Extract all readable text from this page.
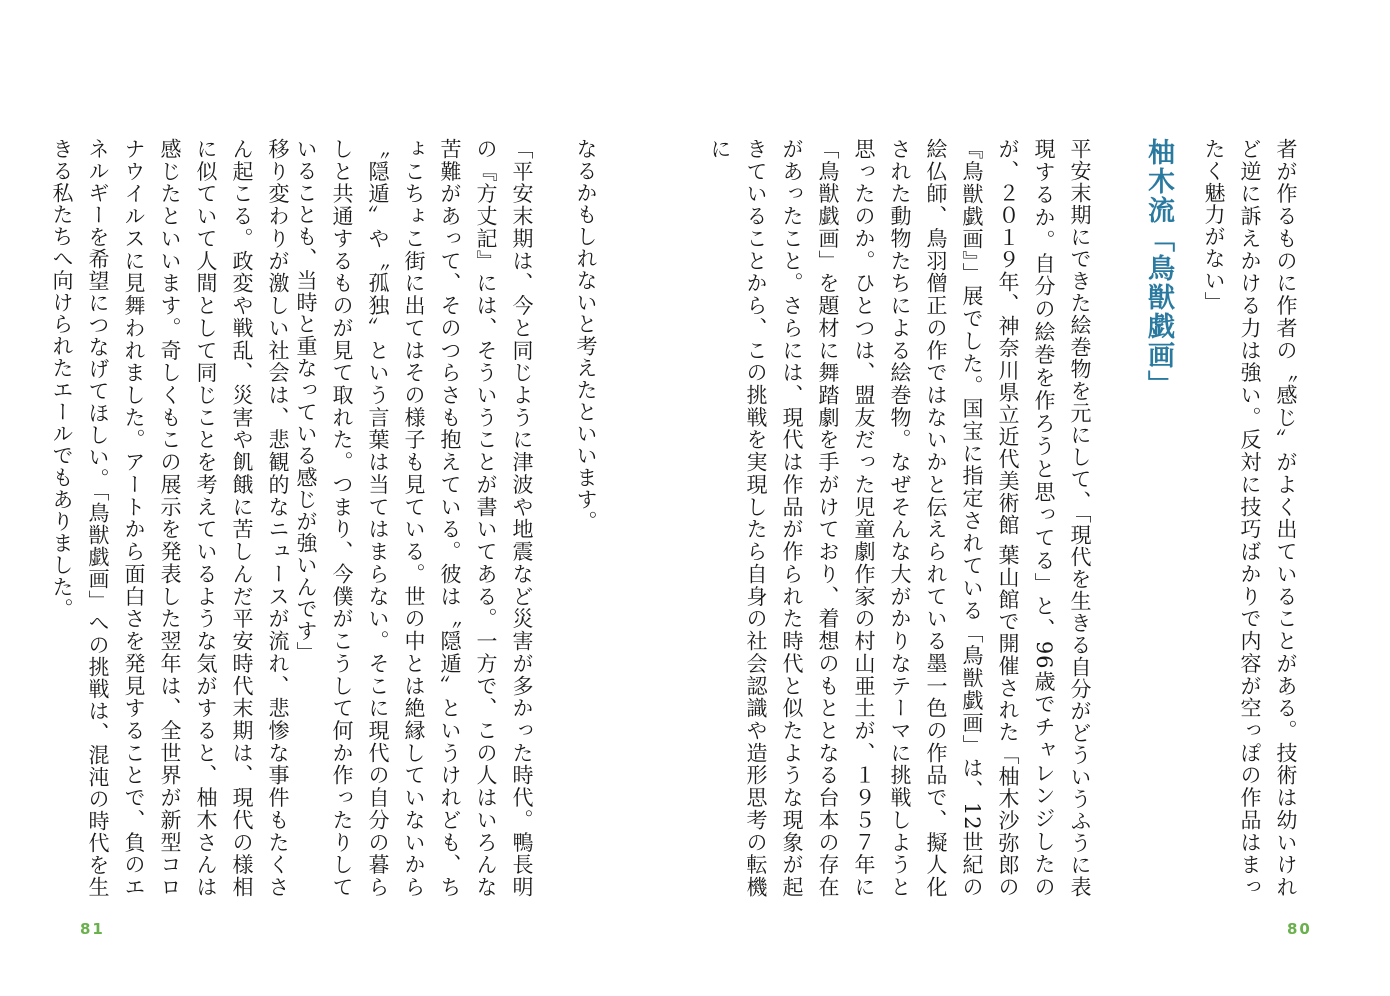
者が作るものに作者の〝感じ〟がよく出ていることがある。技術は幼いけれど逆に訴えかける力は強い。反対に技巧ばかりで内容が空っぽの作品はまったく魅力がない」
柚木流「鳥獣戯画」
平安末期にできた絵巻物を元にして、「現代を生きる自分がどういうふうに表現するか。自分の絵巻を作ろうと思ってる」と、96歳でチャレンジしたのが、２０１９年、神奈川県立近代美術館 葉山館で開催された「柚木沙弥郎の『鳥獣戯画』」展でした。国宝に指定されている「鳥獣戯画」は、12世紀の絵仏師、鳥羽僧正の作ではないかと伝えられている墨一色の作品で、擬人化された動物たちによる絵巻物。なぜそんな大がかりなテーマに挑戦しようと思ったのか。ひとつは、盟友だった児童劇作家の村山亜土が、１９５７年に「鳥獣戯画」を題材に舞踏劇を手がけており、着想のもととなる台本の存在があったこと。さらには、現代は作品が作られた時代と似たような現象が起きていることから、この挑戦を実現したら自身の社会認識や造形思考の転機に
80
なるかもしれないと考えたといいます。
「平安末期は、今と同じように津波や地震など災害が多かった時代。鴨長明の『方丈記』には、そういうことが書いてある。一方で、この人はいろんな苦難があって、そのつらさも抱えている。彼は〝隠遁〟というけれども、ちょこちょこ街に出てはその様子も見ている。世の中とは絶縁していないから〝隠遁〟や〝孤独〟という言葉は当てはまらない。そこに現代の自分の暮らしと共通するものが見て取れた。つまり、今僕がこうして何か作ったりしていることも、当時と重なっている感じが強いんです」
移り変わりが激しい社会は、悲観的なニュースが流れ、悲惨な事件もたくさん起こる。政変や戦乱、災害や飢餓に苦しんだ平安時代末期は、現代の様相に似ていて人間として同じことを考えているような気がすると、柚木さんは感じたといいます。奇しくもこの展示を発表した翌年は、全世界が新型コロナウイルスに見舞われました。アートから面白さを発見することで、負のエネルギーを希望につなげてほしい。「鳥獣戯画」への挑戦は、混沌の時代を生きる私たちへ向けられたエールでもありました。
81
